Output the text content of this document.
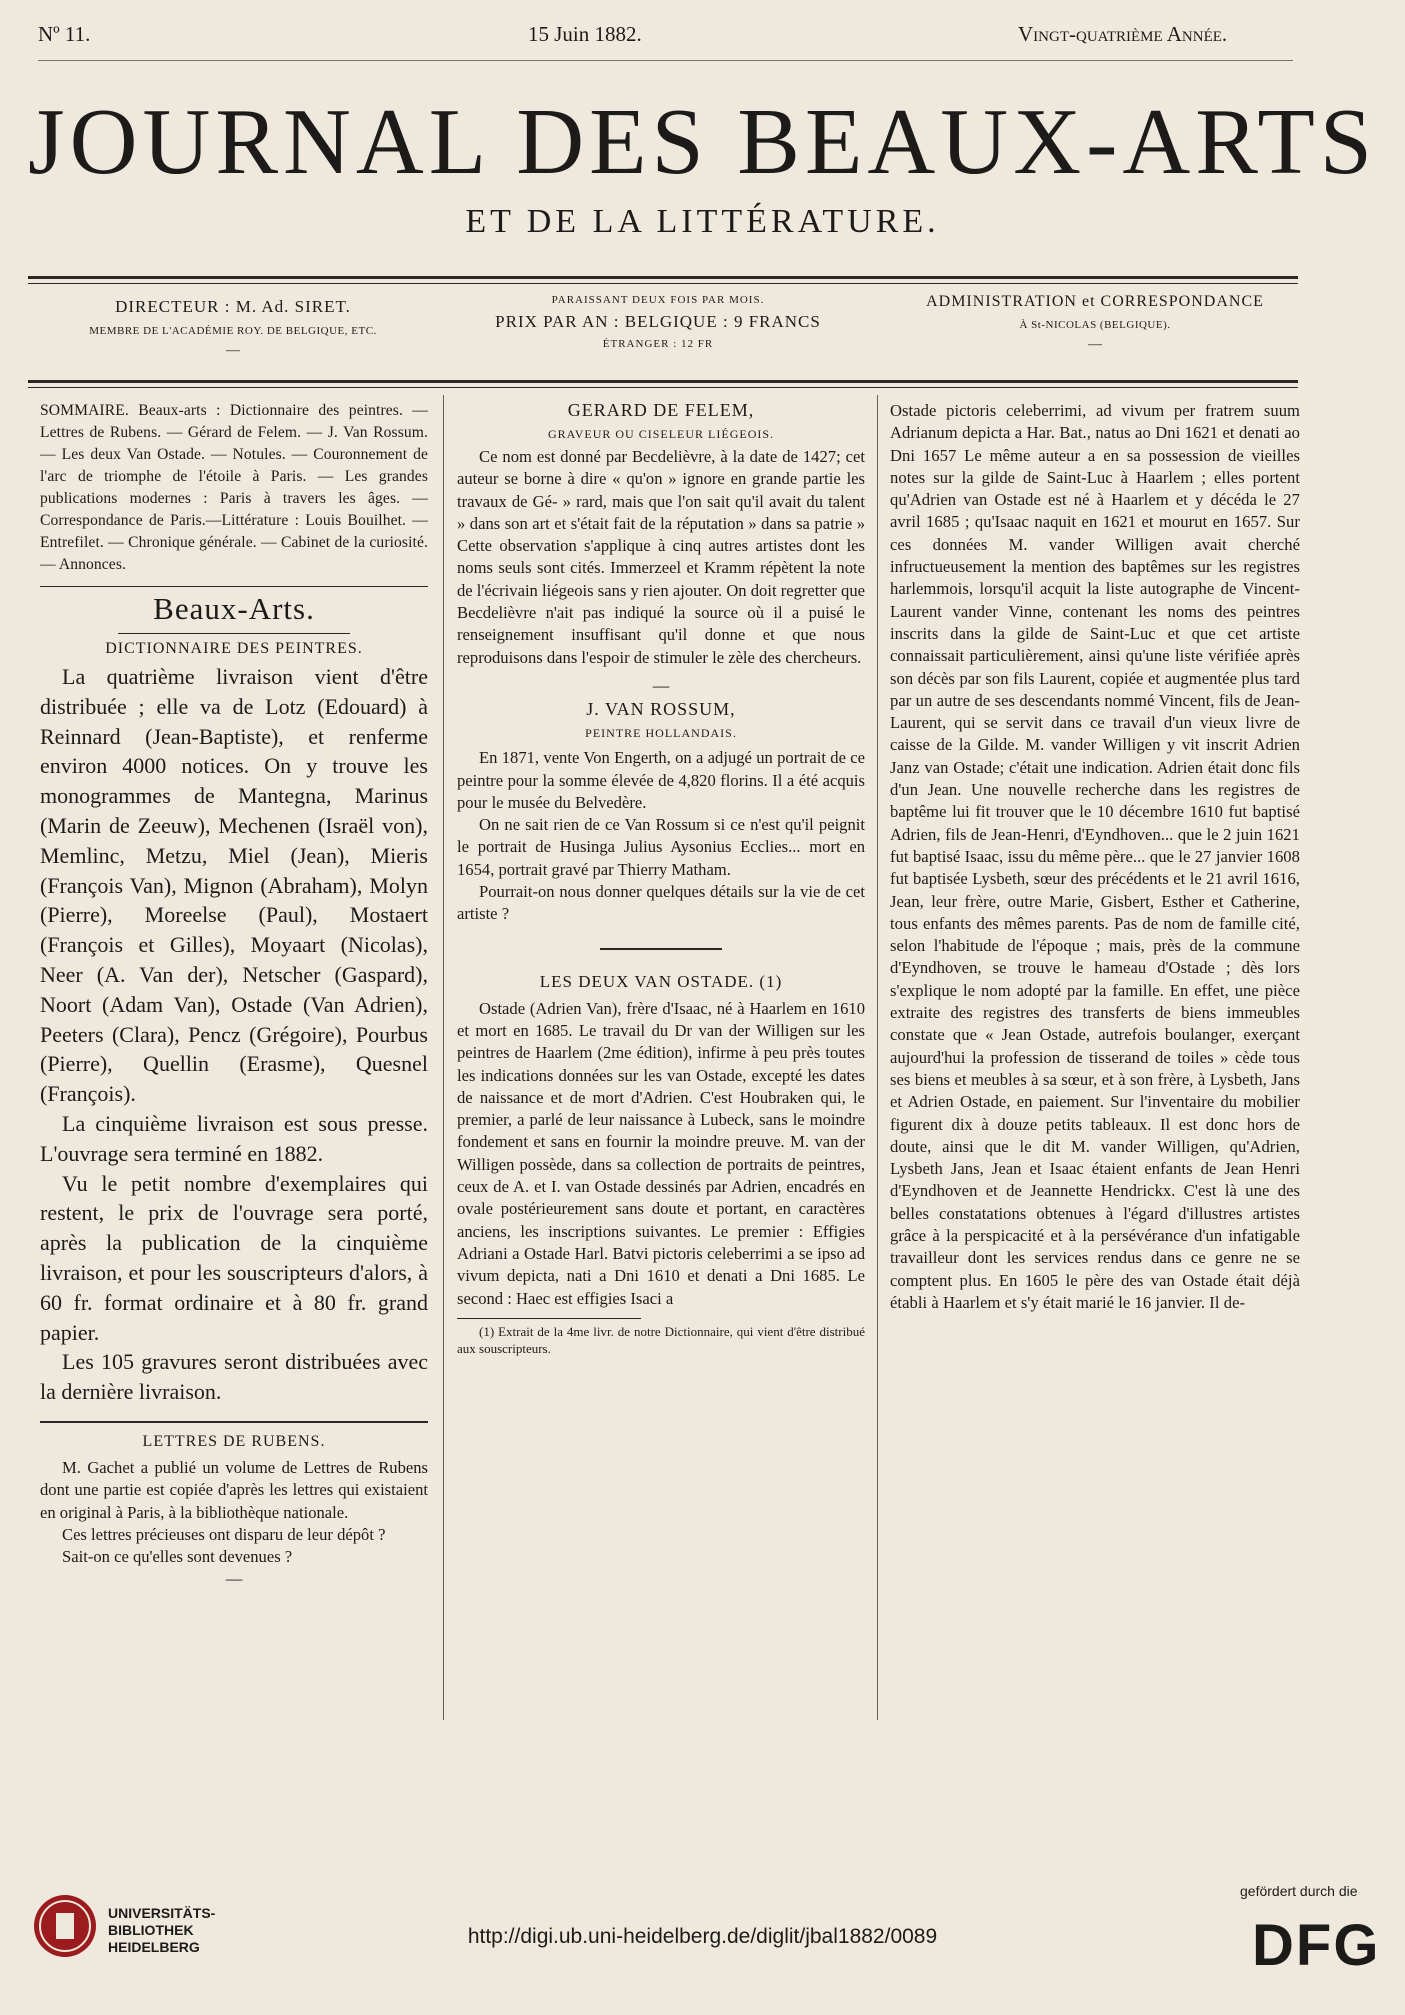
Nº 11.	15 Juin 1882.	Vingt-quatrième Année.
JOURNAL DES BEAUX-ARTS
ET DE LA LITTÉRATURE.
DIRECTEUR : M. Ad. SIRET.
MEMBRE DE L'ACADÉMIE ROY. DE BELGIQUE, ETC.
—
PARAISSANT DEUX FOIS PAR MOIS.
PRIX PAR AN : BELGIQUE : 9 FRANCS
ÉTRANGER : 12 FR
ADMINISTRATION et CORRESPONDANCE
À St-NICOLAS (BELGIQUE).
—

SOMMAIRE. Beaux-arts : Dictionnaire des peintres. — Lettres de Rubens. — Gérard de Felem. — J. Van Rossum. — Les deux Van Ostade. — Notules. — Couronnement de l'arc de triomphe de l'étoile à Paris. — Les grandes publications modernes : Paris à travers les âges. — Correspondance de Paris.—Littérature : Louis Bouilhet. — Entrefilet. — Chronique générale. — Cabinet de la curiosité. — Annonces.

Beaux-Arts.
DICTIONNAIRE DES PEINTRES.

La quatrième livraison vient d'être distribuée ; elle va de Lotz (Edouard) à Reinnard (Jean-Baptiste), et renferme environ 4000 notices. On y trouve les monogrammes de Mantegna, Marinus (Marin de Zeeuw), Mechenen (Israël von), Memlinc, Metzu, Miel (Jean), Mieris (François Van), Mignon (Abraham), Molyn (Pierre), Moreelse (Paul), Mostaert (François et Gilles), Moyaart (Nicolas), Neer (A. Van der), Netscher (Gaspard), Noort (Adam Van), Ostade (Van Adrien), Peeters (Clara), Pencz (Grégoire), Pourbus (Pierre), Quellin (Erasme), Quesnel (François).

La cinquième livraison est sous presse. L'ouvrage sera terminé en 1882.

Vu le petit nombre d'exemplaires qui restent, le prix de l'ouvrage sera porté, après la publication de la cinquième livraison, et pour les souscripteurs d'alors, à 60 fr. format ordinaire et à 80 fr. grand papier.

Les 105 gravures seront distribuées avec la dernière livraison.

LETTRES DE RUBENS.

M. Gachet a publié un volume de Lettres de Rubens dont une partie est copiée d'après les lettres qui existaient en original à Paris, à la bibliothèque nationale.

Ces lettres précieuses ont disparu de leur dépôt ?

Sait-on ce qu'elles sont devenues ?

—
GERARD DE FELEM,
GRAVEUR OU CISELEUR LIÉGEOIS.

Ce nom est donné par Becdelièvre, à la date de 1427; cet auteur se borne à dire « qu'on » ignore en grande partie les travaux de Gé- » rard, mais que l'on sait qu'il avait du talent » dans son art et s'était fait de la réputation » dans sa patrie » Cette observation s'applique à cinq autres artistes dont les noms seuls sont cités. Immerzeel et Kramm répètent la note de l'écrivain liégeois sans y rien ajouter. On doit regretter que Becdelièvre n'ait pas indiqué la source où il a puisé le renseignement insuffisant qu'il donne et que nous reproduisons dans l'espoir de stimuler le zèle des chercheurs.

—
J. VAN ROSSUM,
PEINTRE HOLLANDAIS.

En 1871, vente Von Engerth, on a adjugé un portrait de ce peintre pour la somme élevée de 4,820 florins. Il a été acquis pour le musée du Belvedère.

On ne sait rien de ce Van Rossum si ce n'est qu'il peignit le portrait de Husinga Julius Aysonius Ecclies... mort en 1654, portrait gravé par Thierry Matham.

Pourrait-on nous donner quelques détails sur la vie de cet artiste ?

LES DEUX VAN OSTADE. (1)

Ostade (Adrien Van), frère d'Isaac, né à Haarlem en 1610 et mort en 1685. Le travail du Dr van der Willigen sur les peintres de Haarlem (2me édition), infirme à peu près toutes les indications données sur les van Ostade, excepté les dates de naissance et de mort d'Adrien. C'est Houbraken qui, le premier, a parlé de leur naissance à Lubeck, sans le moindre fondement et sans en fournir la moindre preuve. M. van der Willigen possède, dans sa collection de portraits de peintres, ceux de A. et I. van Ostade dessinés par Adrien, encadrés en ovale postérieurement sans doute et portant, en caractères anciens, les inscriptions suivantes. Le premier : Effigies Adriani a Ostade Harl. Batvi pictoris celeberrimi a se ipso ad vivum depicta, nati a Dni 1610 et denati a Dni 1685. Le second : Haec est effigies Isaci a

(1) Extrait de la 4me livr. de notre Dictionnaire, qui vient d'être distribué aux souscripteurs.

Ostade pictoris celeberrimi, ad vivum per fratrem suum Adrianum depicta a Har. Bat., natus ao Dni 1621 et denati ao Dni 1657 Le même auteur a en sa possession de vieilles notes sur la gilde de Saint-Luc à Haarlem ; elles portent qu'Adrien van Ostade est né à Haarlem et y décéda le 27 avril 1685 ; qu'Isaac naquit en 1621 et mourut en 1657. Sur ces données M. vander Willigen avait cherché infructueusement la mention des baptêmes sur les registres harlemmois, lorsqu'il acquit la liste autographe de Vincent-Laurent vander Vinne, contenant les noms des peintres inscrits dans la gilde de Saint-Luc et que cet artiste connaissait particulièrement, ainsi qu'une liste vérifiée après son décès par son fils Laurent, copiée et augmentée plus tard par un autre de ses descendants nommé Vincent, fils de Jean-Laurent, qui se servit dans ce travail d'un vieux livre de caisse de la Gilde. M. vander Willigen y vit inscrit Adrien Janz van Ostade; c'était une indication. Adrien était donc fils d'un Jean. Une nouvelle recherche dans les registres de baptême lui fit trouver que le 10 décembre 1610 fut baptisé Adrien, fils de Jean-Henri, d'Eyndhoven... que le 2 juin 1621 fut baptisé Isaac, issu du même père... que le 27 janvier 1608 fut baptisée Lysbeth, sœur des précédents et le 21 avril 1616, Jean, leur frère, outre Marie, Gisbert, Esther et Catherine, tous enfants des mêmes parents. Pas de nom de famille cité, selon l'habitude de l'époque ; mais, près de la commune d'Eyndhoven, se trouve le hameau d'Ostade ; dès lors s'explique le nom adopté par la famille. En effet, une pièce extraite des registres des transferts de biens immeubles constate que « Jean Ostade, autrefois boulanger, exerçant aujourd'hui la profession de tisserand de toiles » cède tous ses biens et meubles à sa sœur, et à son frère, à Lysbeth, Jans et Adrien Ostade, en paiement. Sur l'inventaire du mobilier figurent dix à douze petits tableaux. Il est donc hors de doute, ainsi que le dit M. vander Willigen, qu'Adrien, Lysbeth Jans, Jean et Isaac étaient enfants de Jean Henri d'Eyndhoven et de Jeannette Hendrickx. C'est là une des belles constatations obtenues à l'égard d'illustres artistes grâce à la perspicacité et à la persévérance d'un infatigable travailleur dont les services rendus dans ce genre ne se comptent plus. En 1605 le père des van Ostade était déjà établi à Haarlem et s'y était marié le 16 janvier. Il de-

UNIVERSITÄTS-
BIBLIOTHEK
HEIDELBERG	http://digi.ub.uni-heidelberg.de/diglit/jbal1882/0089
gefördert durch die
DFG
